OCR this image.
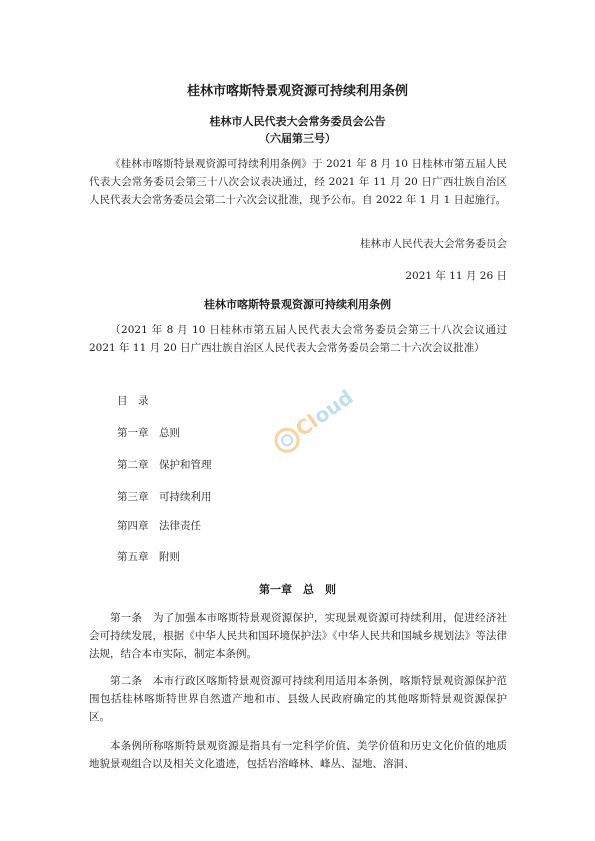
桂林市喀斯特景观资源可持续利用条例
桂林市人民代表大会常务委员会公告
（六届第三号）
《桂林市喀斯特景观资源可持续利用条例》于 2021 年 8 月 10 日桂林市第五届人民代表大会常务委员会第三十八次会议表决通过，经 2021 年 11 月 20 日广西壮族自治区人民代表大会常务委员会第二十六次会议批准，现予公布。自 2022 年 1 月 1 日起施行。
桂林市人民代表大会常务委员会
2021 年 11 月 26 日
桂林市喀斯特景观资源可持续利用条例
（2021 年 8 月 10 日桂林市第五届人民代表大会常务委员会第三十八次会议通过 2021 年 11 月 20 日广西壮族自治区人民代表大会常务委员会第二十六次会议批准）
目　录
第一章　总则
第二章　保护和管理
第三章　可持续利用
第四章　法律责任
第五章　附则
第一章　总　则
第一条　为了加强本市喀斯特景观资源保护，实现景观资源可持续利用，促进经济社会可持续发展，根据《中华人民共和国环境保护法》《中华人民共和国城乡规划法》等法律法规，结合本市实际，制定本条例。
第二条　本市行政区喀斯特景观资源可持续利用适用本条例，喀斯特景观资源保护范围包括桂林喀斯特世界自然遗产地和市、县级人民政府确定的其他喀斯特景观资源保护区。
本条例所称喀斯特景观资源是指具有一定科学价值、美学价值和历史文化价值的地质地貌景观组合以及相关文化遗迹，包括岩溶峰林、峰丛、湿地、溶洞、
Cl
oud
